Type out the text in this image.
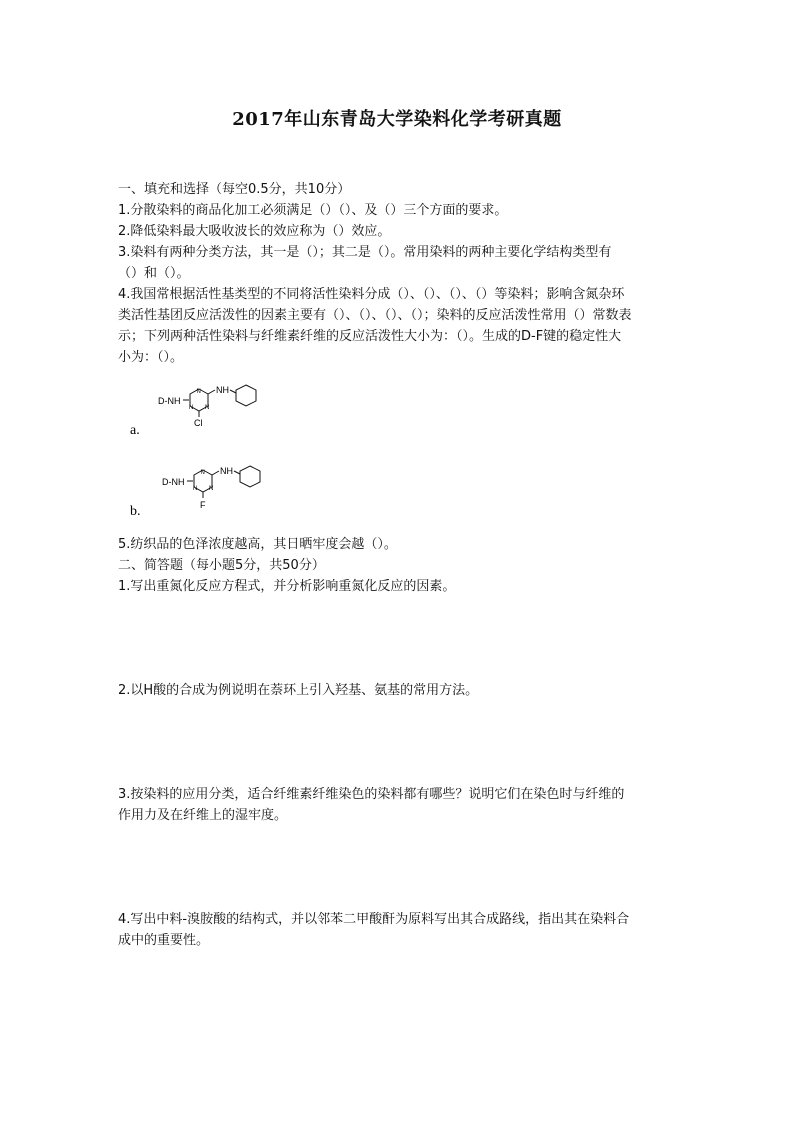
2017年山东青岛大学染料化学考研真题
一、填充和选择（每空0.5分，共10分）
1.分散染料的商品化加工必须满足（）（）、及（）三个方面的要求。
2.降低染料最大吸收波长的效应称为（）效应。
3.染料有两种分类方法，其一是（）；其二是（）。常用染料的两种主要化学结构类型有
（）和（）。
4.我国常根据活性基类型的不同将活性染料分成（）、（）、（）、（）等染料；影响含氮杂环
类活性基团反应活泼性的因素主要有（）、（）、（）、（）；染料的反应活泼性常用（）常数表
示；下列两种活性染料与纤维素纤维的反应活泼性大小为：（）。生成的D-F键的稳定性大
小为：（）。
a.
D-NH
N
N N
NH
Cl
b.
D-NH
N
N N
NH
F
5.纺织品的色泽浓度越高，其日晒牢度会越（）。
二、简答题（每小题5分，共50分）
1.写出重氮化反应方程式，并分析影响重氮化反应的因素。
2.以H酸的合成为例说明在萘环上引入羟基、氨基的常用方法。
3.按染料的应用分类，适合纤维素纤维染色的染料都有哪些？说明它们在染色时与纤维的
作用力及在纤维上的湿牢度。
4.写出中料-溴胺酸的结构式，并以邻苯二甲酸酐为原料写出其合成路线，指出其在染料合
成中的重要性。
